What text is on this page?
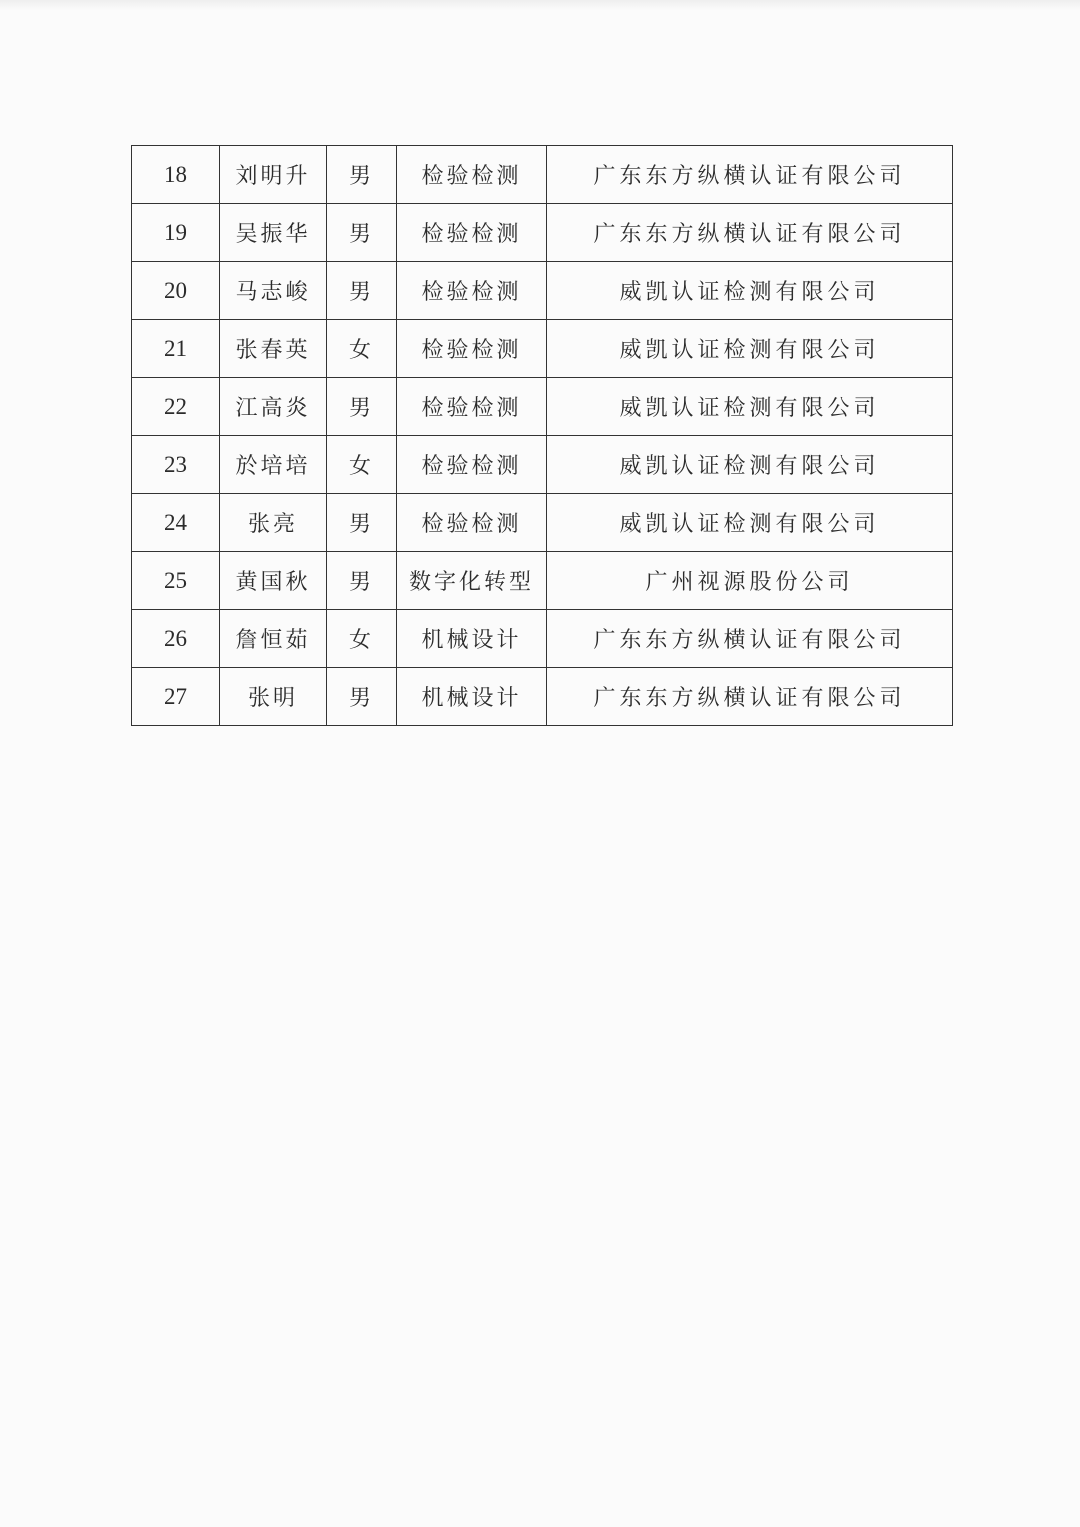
18	刘明升	男	检验检测	广东东方纵横认证有限公司
19	吴振华	男	检验检测	广东东方纵横认证有限公司
20	马志峻	男	检验检测	威凯认证检测有限公司
21	张春英	女	检验检测	威凯认证检测有限公司
22	江高炎	男	检验检测	威凯认证检测有限公司
23	於培培	女	检验检测	威凯认证检测有限公司
24	张亮	男	检验检测	威凯认证检测有限公司
25	黄国秋	男	数字化转型	广州视源股份公司
26	詹恒茹	女	机械设计	广东东方纵横认证有限公司
27	张明	男	机械设计	广东东方纵横认证有限公司
